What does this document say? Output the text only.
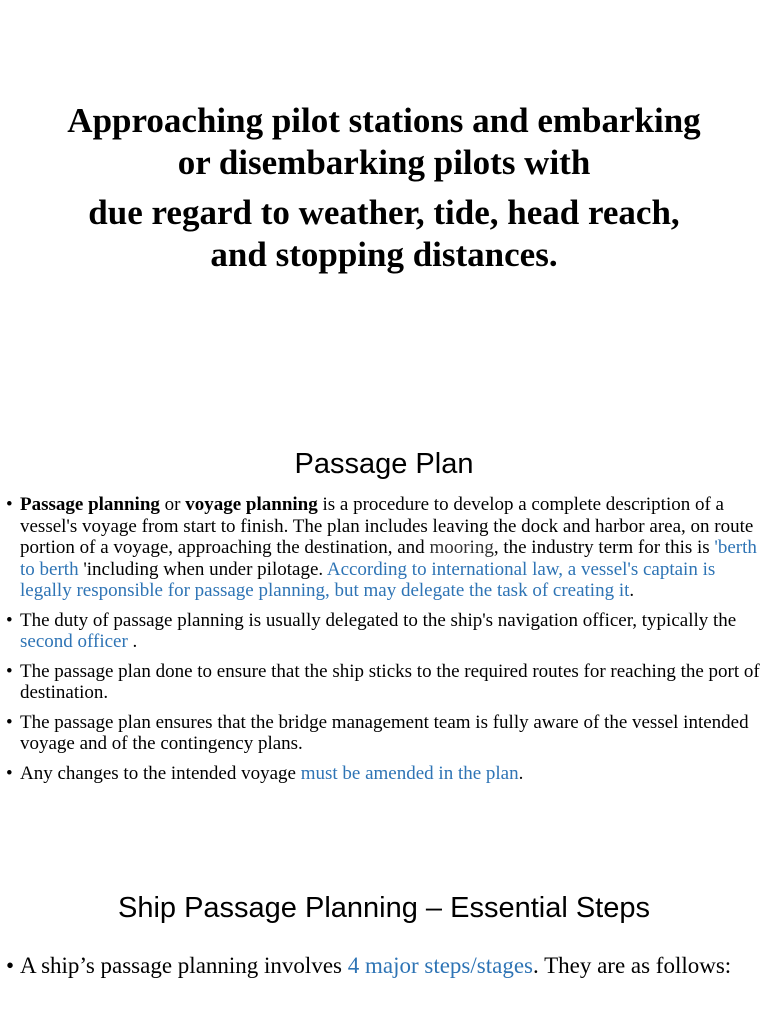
Approaching pilot stations and embarking
or disembarking pilots with
due regard to weather, tide, head reach,
and stopping distances.
Passage Plan
• Passage planning or voyage planning is a procedure to develop a complete description of a vessel's voyage from start to finish. The plan includes leaving the dock and harbor area, on route portion of a voyage, approaching the destination, and mooring, the industry term for this is 'berth to berth 'including when under pilotage. According to international law, a vessel's captain is legally responsible for passage planning, but may delegate the task of creating it.
• The duty of passage planning is usually delegated to the ship's navigation officer, typically the second officer .
• The passage plan done to ensure that the ship sticks to the required routes for reaching the port of destination.
• The passage plan ensures that the bridge management team is fully aware of the vessel intended voyage and of the contingency plans.
• Any changes to the intended voyage must be amended in the plan.
Ship Passage Planning – Essential Steps
• A ship’s passage planning involves 4 major steps/stages. They are as follows:
